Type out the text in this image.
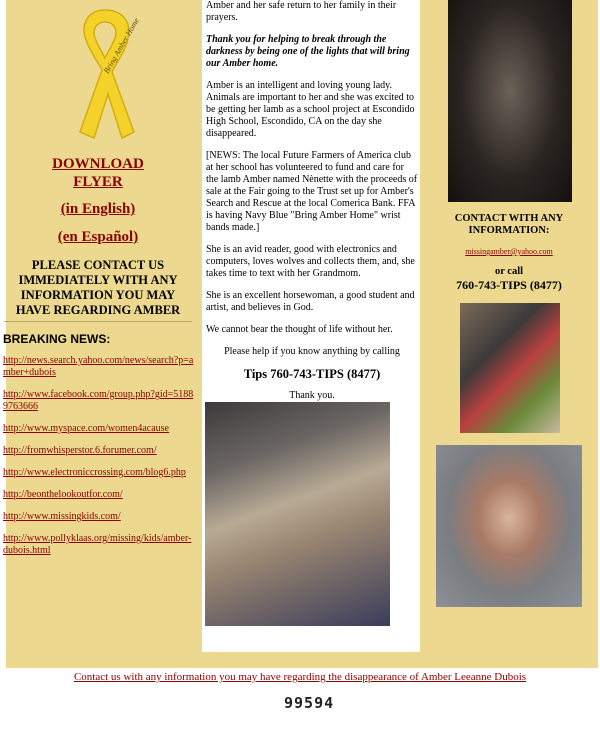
Bring Amber Home
DOWNLOAD
FLYER
(in English)
(en Español)
PLEASE CONTACT US IMMEDIATELY WITH ANY INFORMATION YOU MAY HAVE REGARDING AMBER
BREAKING NEWS:
http://news.search.yahoo.com/news/search?p=amber+dubois
http://www.facebook.com/group.php?gid=51889763666
http://www.myspace.com/women4acause
http://fromwhisperstor.6.forumer.com/
http://www.electroniccrossing.com/blog6.php
http://beonthelookoutfor.com/
http://www.missingkids.com/
http://www.pollyklaas.org/missing/kids/amber-dubois.html

Amber and her safe return to her family in their prayers.

Thank you for helping to break through the darkness by being one of the lights that will bring our Amber home.

Amber is an intelligent and loving young lady. Animals are important to her and she was excited to be getting her lamb as a school project at Escondido High School, Escondido, CA on the day she disappeared.

[NEWS: The local Future Farmers of America club at her school has volunteered to fund and care for the lamb Amber named Nènette with the proceeds of sale at the Fair going to the Trust set up for Amber's Search and Rescue at the local Comerica Bank. FFA is having Navy Blue "Bring Amber Home" wrist bands made.]

She is an avid reader, good with electronics and computers, loves wolves and collects them, and, she takes time to text with her Grandmom.

She is an excellent horsewoman, a good student and artist, and believes in God.

We cannot bear the thought of life without her.

Please help if you know anything by calling

Tips 760-743-TIPS (8477)

Thank you.

CONTACT WITH ANY INFORMATION:
missingamber@yahoo.com
or call
760-743-TIPS (8477)
Contact us with any information you may have regarding the disappearance of Amber Leeanne Dubois
99594
